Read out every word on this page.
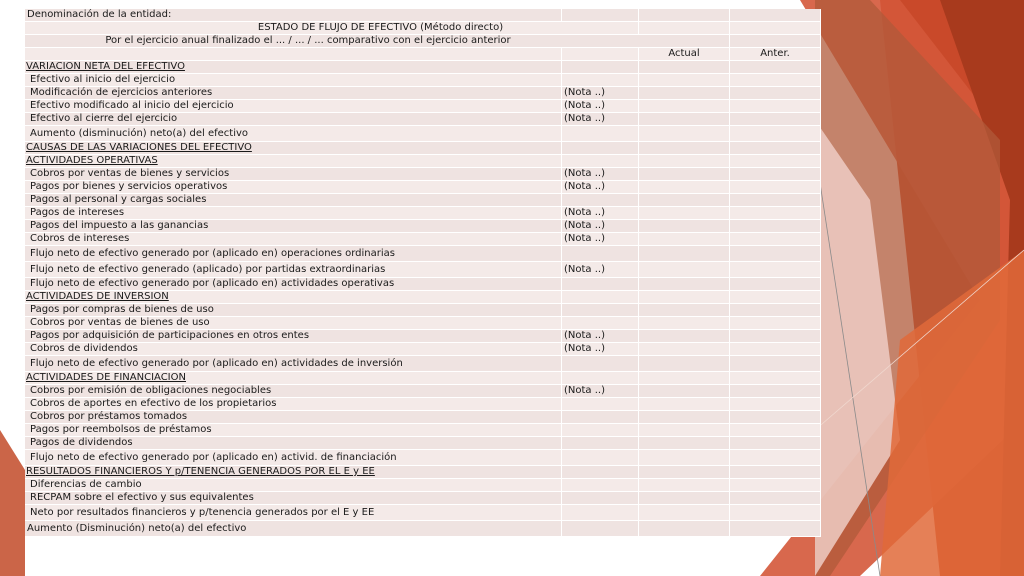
Denominación de la entidad:			
ESTADO DE FLUJO DE EFECTIVO (Método directo)			
Por el ejercicio anual finalizado el ... / ... / ... comparativo con el ejercicio anterior			
		Actual	Anter.
VARIACION NETA DEL EFECTIVO			
Efectivo al inicio del ejercicio			
Modificación de ejercicios anteriores	(Nota ..)		
Efectivo modificado al inicio del ejercicio	(Nota ..)		
Efectivo al cierre del ejercicio	(Nota ..)		
Aumento (disminución) neto(a) del efectivo			
CAUSAS DE LAS VARIACIONES DEL EFECTIVO			
ACTIVIDADES OPERATIVAS			
Cobros por ventas de bienes y servicios	(Nota ..)		
Pagos por bienes y servicios operativos	(Nota ..)		
Pagos al personal y cargas sociales			
Pagos de intereses	(Nota ..)		
Pagos del impuesto a las ganancias	(Nota ..)		
Cobros de intereses	(Nota ..)		
Flujo neto de efectivo generado por (aplicado en) operaciones ordinarias			
Flujo neto de efectivo generado (aplicado) por partidas extraordinarias	(Nota ..)		
Flujo neto de efectivo generado por (aplicado en) actividades operativas			
ACTIVIDADES DE INVERSION			
Pagos por compras de bienes de uso			
Cobros por ventas de bienes de uso			
Pagos por adquisición de participaciones en otros entes	(Nota ..)		
Cobros de dividendos	(Nota ..)		
Flujo neto de efectivo generado por (aplicado en) actividades de inversión			
ACTIVIDADES DE FINANCIACION			
Cobros por emisión de obligaciones negociables	(Nota ..)		
Cobros de aportes en efectivo de los propietarios			
Cobros por préstamos tomados			
Pagos por reembolsos de préstamos			
Pagos de dividendos			
Flujo neto de efectivo generado por (aplicado en) activid. de financiación			
RESULTADOS FINANCIEROS Y p/TENENCIA GENERADOS POR EL E y EE			
Diferencias de cambio			
RECPAM sobre el efectivo y sus equivalentes			
Neto por resultados financieros y p/tenencia generados por el E y EE			
Aumento (Disminución) neto(a) del efectivo			
